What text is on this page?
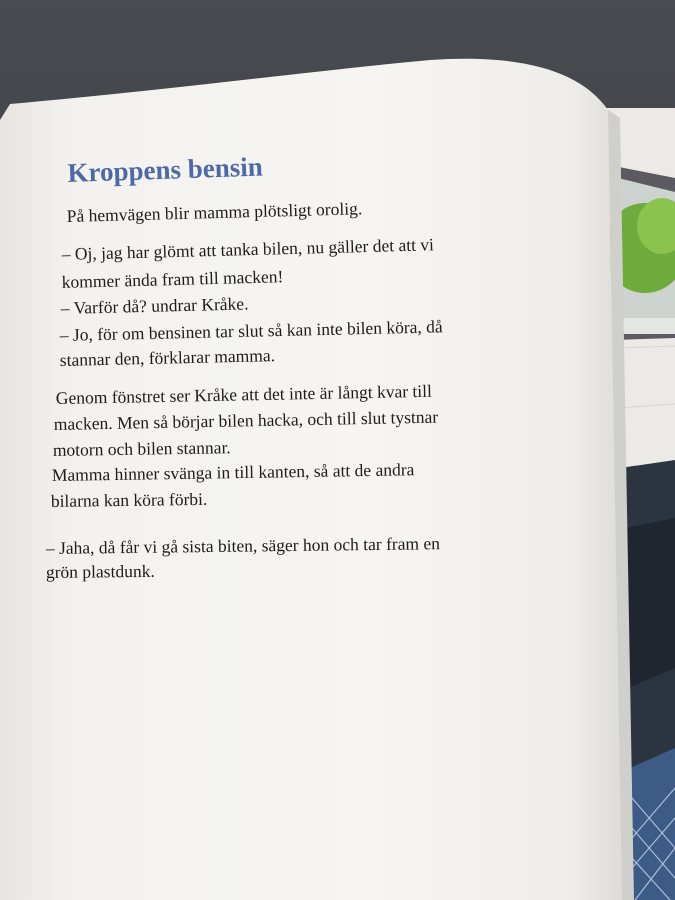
Kroppens bensin
På hemvägen blir mamma plötsligt orolig.
– Oj, jag har glömt att tanka bilen, nu gäller det att vi
kommer ända fram till macken!
– Varför då? undrar Kråke.
– Jo, för om bensinen tar slut så kan inte bilen köra, då
stannar den, förklarar mamma.
Genom fönstret ser Kråke att det inte är långt kvar till
macken. Men så börjar bilen hacka, och till slut tystnar
motorn och bilen stannar.
Mamma hinner svänga in till kanten, så att de andra
bilarna kan köra förbi.
– Jaha, då får vi gå sista biten, säger hon och tar fram en
grön plastdunk.
